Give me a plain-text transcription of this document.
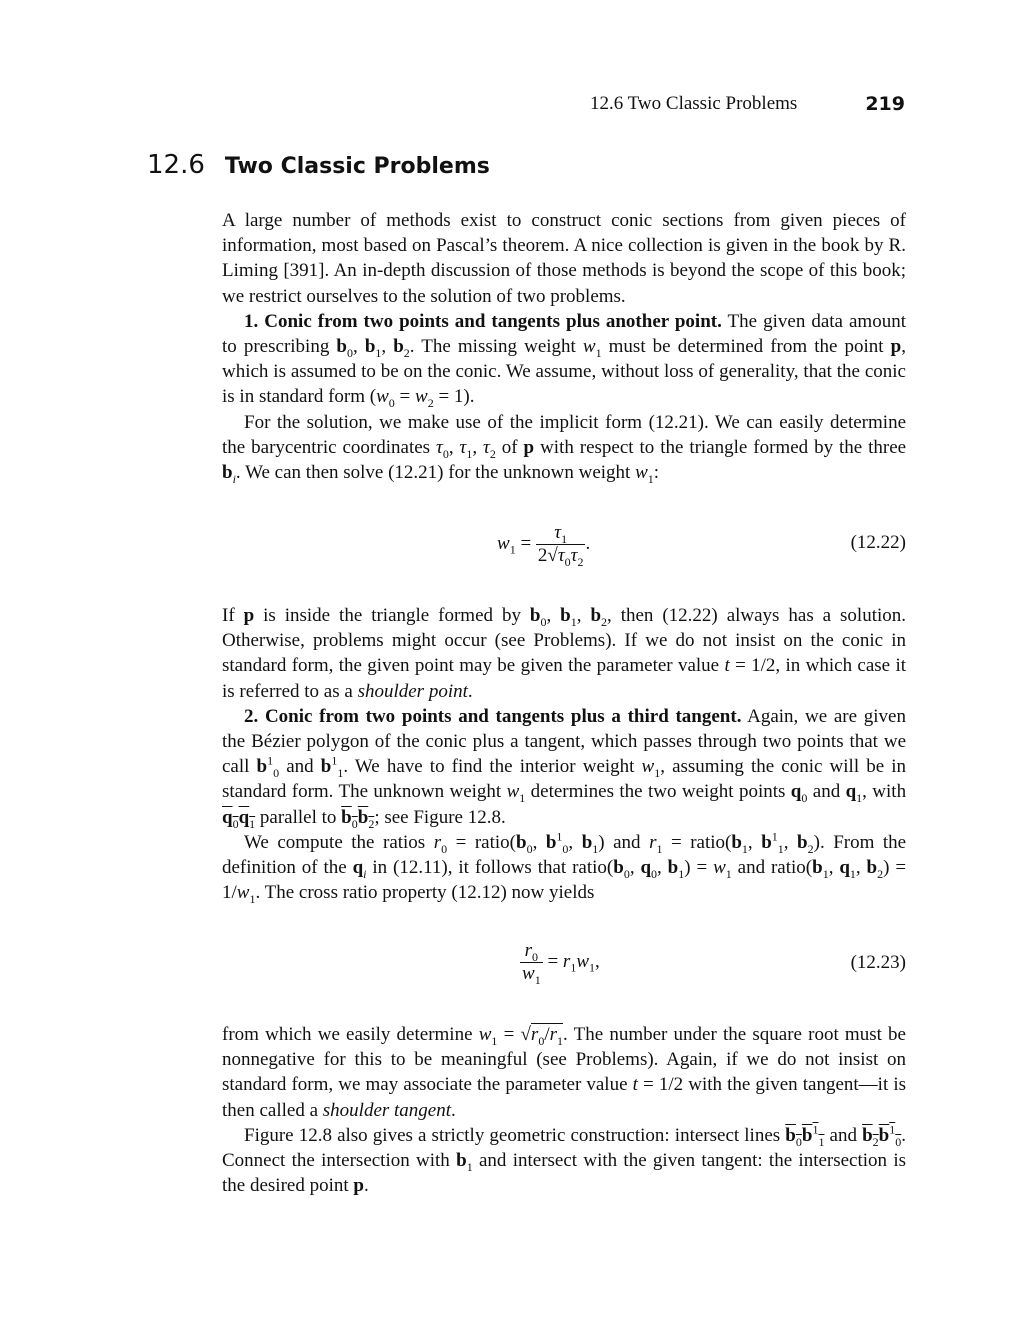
12.6 Two Classic Problems	219
12.6 Two Classic Problems

A large number of methods exist to construct conic sections from given pieces of information, most based on Pascal’s theorem. A nice collection is given in the book by R. Liming [391]. An in-depth discussion of those methods is beyond the scope of this book; we restrict ourselves to the solution of two problems.

1. Conic from two points and tangents plus another point. The given data amount to prescribing $b_0$, $b_1$, $b_2$. The missing weight $w_1$ must be determined from the point p, which is assumed to be on the conic. We assume, without loss of generality, that the conic is in standard form $(w_0 = w_2 = 1)$.

For the solution, we make use of the implicit form (12.21). We can easily determine the barycentric coordinates $\tau_0$, $\tau_1$, $\tau_2$ of p with respect to the triangle formed by the three $b_i$. We can then solve (12.21) for the unknown weight $w_1$:

$w_1 = \frac{\tau_1}{2√\tau_0\tau_2}$ .	(12.22)

If p is inside the triangle formed by $b_0$, $b_1$, $b_2$, then (12.22) always has a solution. Otherwise, problems might occur (see Problems). If we do not insist on the conic in standard form, the given point may be given the parameter value t = 1/2, in which case it is referred to as a shoulder point.

2. Conic from two points and tangents plus a third tangent. Again, we are given the Bézier polygon of the conic plus a tangent, which passes through two points that we call $b^1_0$ and $b^1_1$. We have to find the interior weight $w_1$, assuming the conic will be in standard form. The unknown weight $w_1$ determines the two weight points $q_0$ and $q_1$, with $q_0q_1$ parallel to $b_0b_2$; see Figure 12.8.

We compute the ratios $r_0$ = $ratio(b_0$, $b^1_0$, $b_1$) and $r_1$ = $ratio(b_1$, $b^1_1$, $b_2$). From the definition of the $q_i$ in (12.11), it follows that $ratio(b_0$, $q_0$, $b_1) = w_1$ and $ratio(b_1$, $q_1$, $b_2) = 1/w_1$. The cross ratio property (12.12) now yields

$\frac{r_0}{w_1} = r_1w_1$,	(12.23)

from which we easily determine $w_1 = √r_0/r_1$. The number under the square root must be nonnegative for this to be meaningful (see Problems). Again, if we do not insist on standard form, we may associate the parameter value t = 1/2 with the given tangent—it is then called a shoulder tangent.

Figure 12.8 also gives a strictly geometric construction: intersect lines $b_0b^1_1$ and $b_2b^1_0$. Connect the intersection with $b_1$ and intersect with the given tangent: the intersection is the desired point p.
